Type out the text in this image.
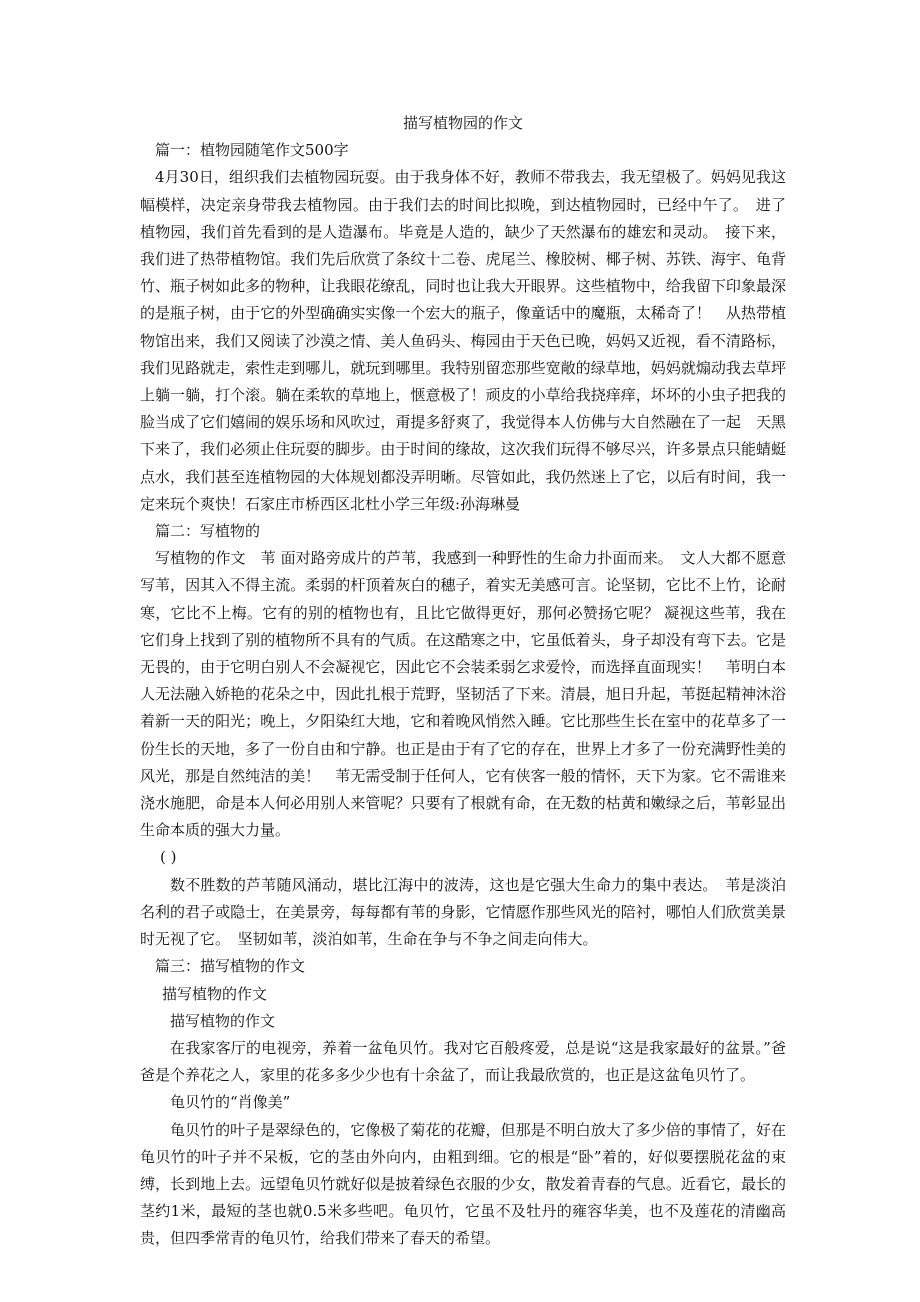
描写植物园的作文

篇一：植物园随笔作文500字

4月30日，组织我们去植物园玩耍。由于我身体不好，教师不带我去，我无望极了。妈妈见我这幅模样，决定亲身带我去植物园。由于我们去的时间比拟晚，到达植物园时，已经中午了。　进了植物园，我们首先看到的是人造瀑布。毕竟是人造的，缺少了天然瀑布的雄宏和灵动。　接下来，我们进了热带植物馆。我们先后欣赏了条纹十二卷、虎尾兰、橡胶树、椰子树、苏铁、海宇、龟背竹、瓶子树如此多的物种，让我眼花缭乱，同时也让我大开眼界。这些植物中，给我留下印象最深的是瓶子树，由于它的外型确确实实像一个宏大的瓶子，像童话中的魔瓶，太稀奇了！　从热带植物馆出来，我们又阅读了沙漠之情、美人鱼码头、梅园由于天色已晚，妈妈又近视，看不清路标，我们见路就走，索性走到哪儿，就玩到哪里。我特别留恋那些宽敞的绿草地，妈妈就煽动我去草坪上躺一躺，打个滚。躺在柔软的草地上，惬意极了！顽皮的小草给我挠痒痒，坏坏的小虫子把我的脸当成了它们嬉闹的娱乐场和风吹过，甭提多舒爽了，我觉得本人仿佛与大自然融在了一起　天黑下来了，我们必须止住玩耍的脚步。由于时间的缘故，这次我们玩得不够尽兴，许多景点只能蜻蜓点水，我们甚至连植物园的大体规划都没弄明晰。尽管如此，我仍然迷上了它，以后有时间，我一定来玩个爽快！石家庄市桥西区北杜小学三年级:孙海琳曼

篇二：写植物的

写植物的作文　苇 面对路旁成片的芦苇，我感到一种野性的生命力扑面而来。　文人大都不愿意写苇，因其入不得主流。柔弱的杆顶着灰白的穗子，着实无美感可言。论坚韧，它比不上竹，论耐寒，它比不上梅。它有的别的植物也有，且比它做得更好，那何必赞扬它呢？ 凝视这些苇，我在它们身上找到了别的植物所不具有的气质。在这酷寒之中，它虽低着头，身子却没有弯下去。它是无畏的，由于它明白别人不会凝视它，因此它不会装柔弱乞求爱怜，而选择直面现实！　苇明白本人无法融入娇艳的花朵之中，因此扎根于荒野，坚韧活了下来。清晨，旭日升起，苇挺起精神沐浴着新一天的阳光；晚上，夕阳染红大地，它和着晚风悄然入睡。它比那些生长在室中的花草多了一份生长的天地，多了一份自由和宁静。也正是由于有了它的存在，世界上才多了一份充满野性美的风光，那是自然纯洁的美！　苇无需受制于任何人，它有侠客一般的情怀，天下为家。它不需谁来浇水施肥，命是本人何必用别人来管呢？只要有了根就有命，在无数的枯黄和嫩绿之后，苇彰显出生命本质的强大力量。

( )

数不胜数的芦苇随风涌动，堪比江海中的波涛，这也是它强大生命力的集中表达。　苇是淡泊名利的君子或隐士，在美景旁，每每都有苇的身影，它情愿作那些风光的陪衬，哪怕人们欣赏美景时无视了它。　坚韧如苇，淡泊如苇，生命在争与不争之间走向伟大。

篇三：描写植物的作文

描写植物的作文

描写植物的作文

在我家客厅的电视旁，养着一盆龟贝竹。我对它百般疼爱，总是说“这是我家最好的盆景。”爸爸是个养花之人，家里的花多多少少也有十余盆了，而让我最欣赏的，也正是这盆龟贝竹了。

龟贝竹的“肖像美”

龟贝竹的叶子是翠绿色的，它像极了菊花的花瓣，但那是不明白放大了多少倍的事情了，好在龟贝竹的叶子并不呆板，它的茎由外向内，由粗到细。它的根是“卧”着的，好似要摆脱花盆的束缚，长到地上去。远望龟贝竹就好似是披着绿色衣服的少女，散发着青春的气息。近看它，最长的茎约1米，最短的茎也就0.5米多些吧。龟贝竹，它虽不及牡丹的雍容华美，也不及莲花的清幽高贵，但四季常青的龟贝竹，给我们带来了春天的希望。
